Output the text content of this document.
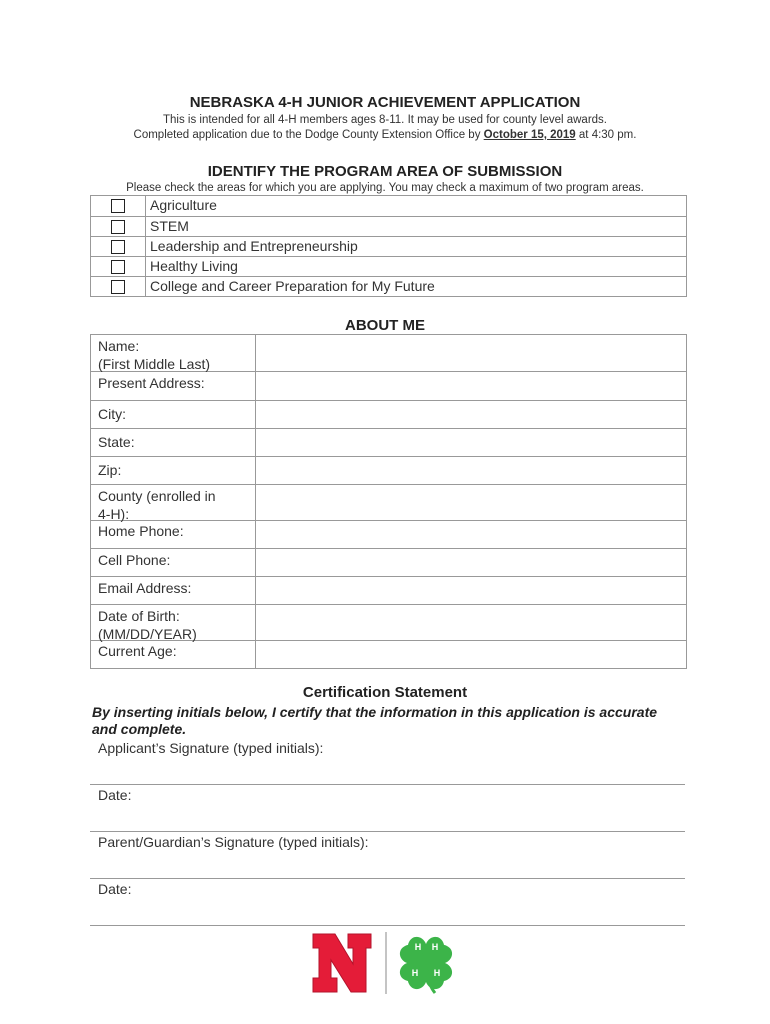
NEBRASKA 4-H JUNIOR ACHIEVEMENT APPLICATION
This is intended for all 4-H members ages 8-11. It may be used for county level awards.
Completed application due to the Dodge County Extension Office by October 15, 2019 at 4:30 pm.
IDENTIFY THE PROGRAM AREA OF SUBMISSION
Please check the areas for which you are applying. You may check a maximum of two program areas.
Agriculture
STEM
Leadership and Entrepreneurship
Healthy Living
College and Career Preparation for My Future
ABOUT ME
Name:
(First Middle Last)
Present Address:
City:
State:
Zip:
County (enrolled in
4-H):
Home Phone:
Cell Phone:
Email Address:
Date of Birth:
(MM/DD/YEAR)
Current Age:
Certification Statement
By inserting initials below, I certify that the information in this application is accurate and complete.
Applicant’s Signature (typed initials):
Date:
Parent/Guardian’s Signature (typed initials):
Date:
H H
H H
